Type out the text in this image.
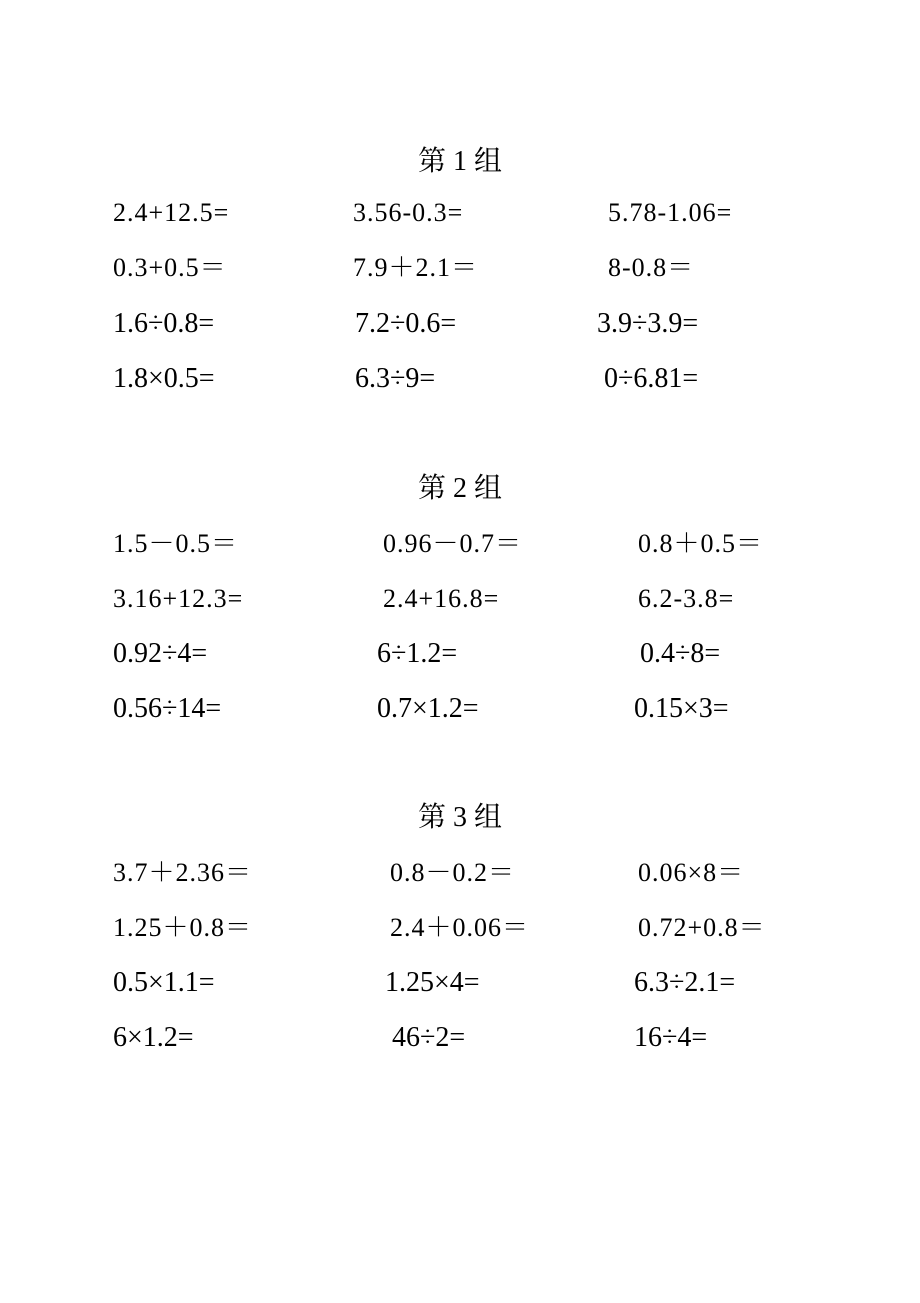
第 1 组
2.4+12.5=	3.56-0.3=	5.78-1.06=
0.3+0.5＝	7.9＋2.1＝	8-0.8＝
1.6÷0.8=	7.2÷0.6=	3.9÷3.9=
1.8×0.5=	6.3÷9=	0÷6.81=
第 2 组
1.5－0.5＝	0.96－0.7＝	0.8＋0.5＝
3.16+12.3=	2.4+16.8=	6.2-3.8=
0.92÷4=	6÷1.2=	0.4÷8=
0.56÷14=	0.7×1.2=	0.15×3=
第 3 组
3.7＋2.36＝	0.8－0.2＝	0.06×8＝
1.25＋0.8＝	2.4＋0.06＝	0.72+0.8＝
0.5×1.1=	1.25×4=	6.3÷2.1=
6×1.2=	46÷2=	16÷4=
